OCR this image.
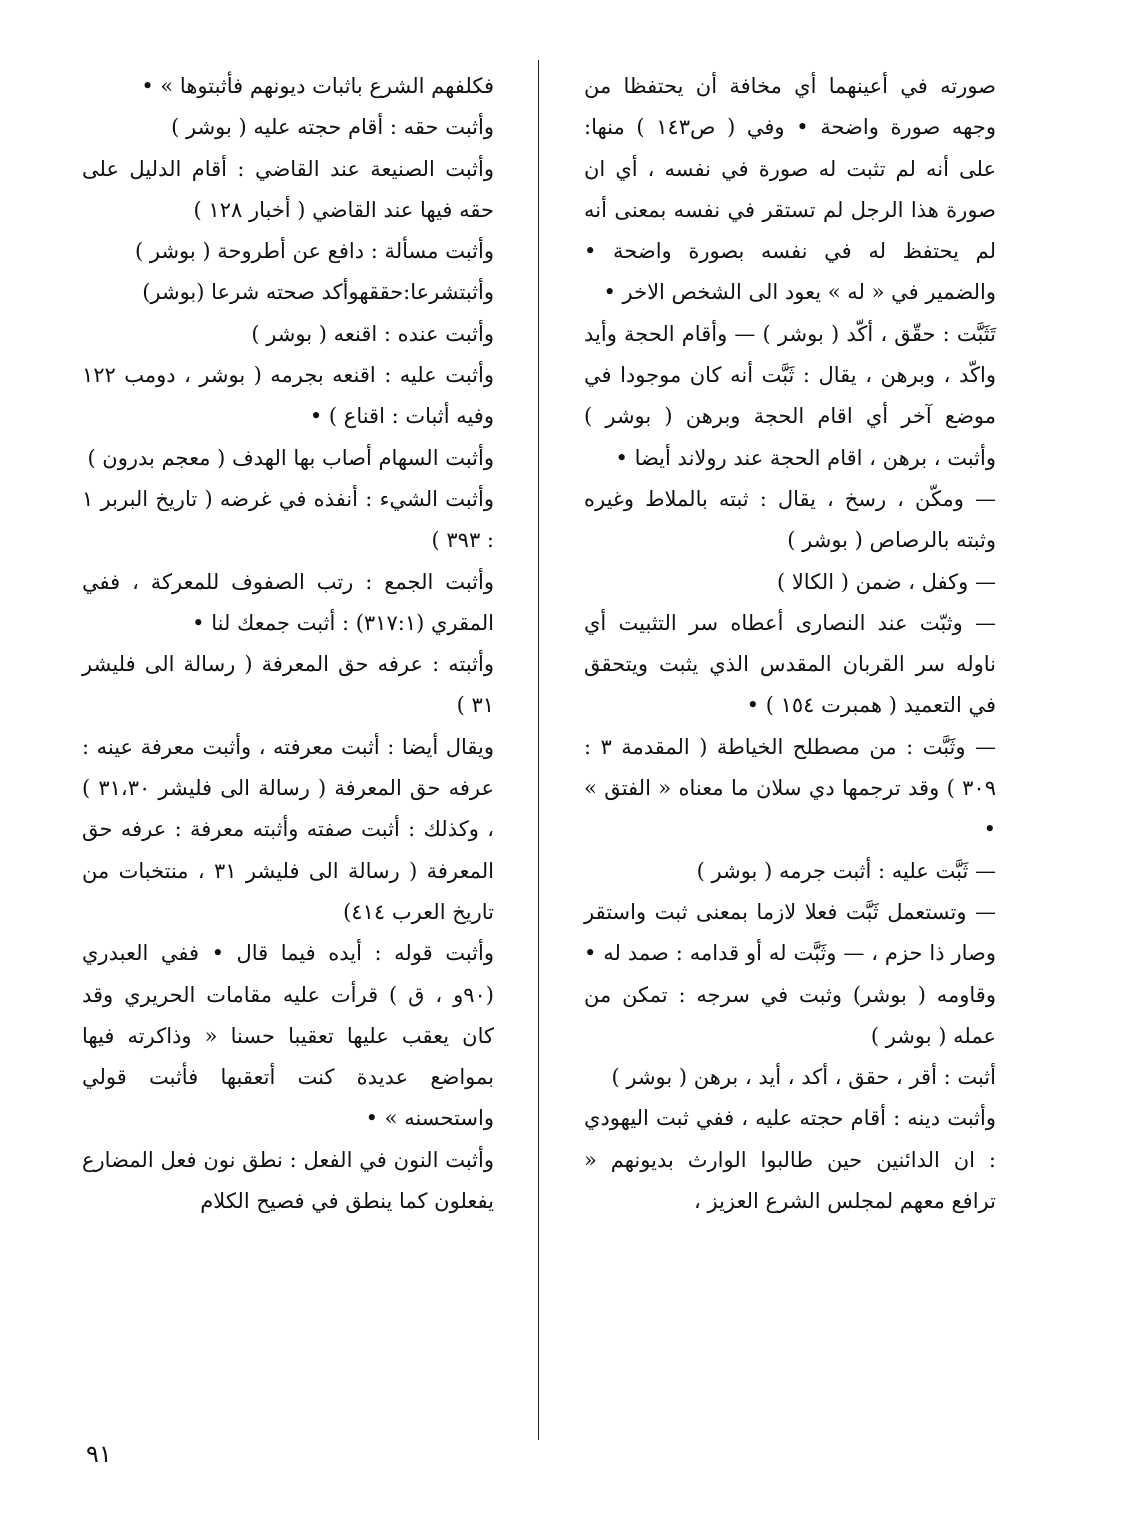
صورته في أعينهما أي مخافة أن يحتفظا من وجهه صورة واضحة • وفي ( ص١٤٣ ) منها: على أنه لم تثبت له صورة في نفسه ، أي ان صورة هذا الرجل لم تستقر في نفسه بمعنى أنه لم يحتفظ له في نفسه بصورة واضحة • والضمير في « له » يعود الى الشخص الاخر •

تَثَبَّت : حقّق ، أكّد ( بوشر ) — وأقام الحجة وأيد واكّد ، وبرهن ، يقال : ثَبَّت أنه كان موجودا في موضع آخر أي اقام الحجة وبرهن ( بوشر ) وأثبت ، برهن ، اقام الحجة عند رولاند أيضا •

— ومكّن ، رسخ ، يقال : ثبته بالملاط وغيره وثبته بالرصاص ( بوشر )

— وكفل ، ضمن ( الكالا )

— وثبّت عند النصارى أعطاه سر التثبيت أي ناوله سر القربان المقدس الذي يثبت ويتحقق في التعميد ( همبرت ١٥٤ ) •

— وثَبَّت : من مصطلح الخياطة ( المقدمة ٣ : ٣٠٩ ) وقد ترجمها دي سلان ما معناه « الفتق » •

— ثَبَّت عليه : أثبت جرمه ( بوشر )

— وتستعمل ثَبَّت فعلا لازما بمعنى ثبت واستقر وصار ذا حزم ، — وثَبَّت له أو قدامه : صمد له • وقاومه ( بوشر) وثبت في سرجه : تمكن من عمله ( بوشر )

أثبت : أقر ، حقق ، أكد ، أيد ، برهن ( بوشر )

وأثبت دينه : أقام حجته عليه ، ففي ثبت اليهودي : ان الدائنين حين طالبوا الوارث بديونهم « ترافع معهم لمجلس الشرع العزيز ،

فكلفهم الشرع باثبات ديونهم فأثبتوها » •

وأثبت حقه : أقام حجته عليه ( بوشر )

وأثبت الصنيعة عند القاضي : أقام الدليل على حقه فيها عند القاضي ( أخبار ١٢٨ )

وأثبت مسألة : دافع عن أطروحة ( بوشر )

وأثبتشرعا:حققهوأكد صحته شرعا (بوشر)

وأثبت عنده : اقنعه ( بوشر )

وأثبت عليه : اقنعه بجرمه ( بوشر ، دومب ١٢٢ وفيه أثبات : اقناع ) •

وأثبت السهام أصاب بها الهدف ( معجم بدرون )

وأثبت الشيء : أنفذه في غرضه ( تاريخ البربر ١ : ٣٩٣ )

وأثبت الجمع : رتب الصفوف للمعركة ، ففي المقري (٣١٧:١) : أثبت جمعك لنا •

وأثبته : عرفه حق المعرفة ( رسالة الى فليشر ٣١ )

ويقال أيضا : أثبت معرفته ، وأثبت معرفة عينه : عرفه حق المعرفة ( رسالة الى فليشر ٣١،٣٠ ) ، وكذلك : أثبت صفته وأثبته معرفة : عرفه حق المعرفة ( رسالة الى فليشر ٣١ ، منتخبات من تاريخ العرب ٤١٤)

وأثبت قوله : أيده فيما قال • ففي العبدري (٩٠و ، ق ) قرأت عليه مقامات الحريري وقد كان يعقب عليها تعقيبا حسنا « وذاكرته فيها بمواضع عديدة كنت أتعقبها فأثبت قولي واستحسنه » •

وأثبت النون في الفعل : نطق نون فعل المضارع يفعلون كما ينطق في فصيح الكلام

٩١
